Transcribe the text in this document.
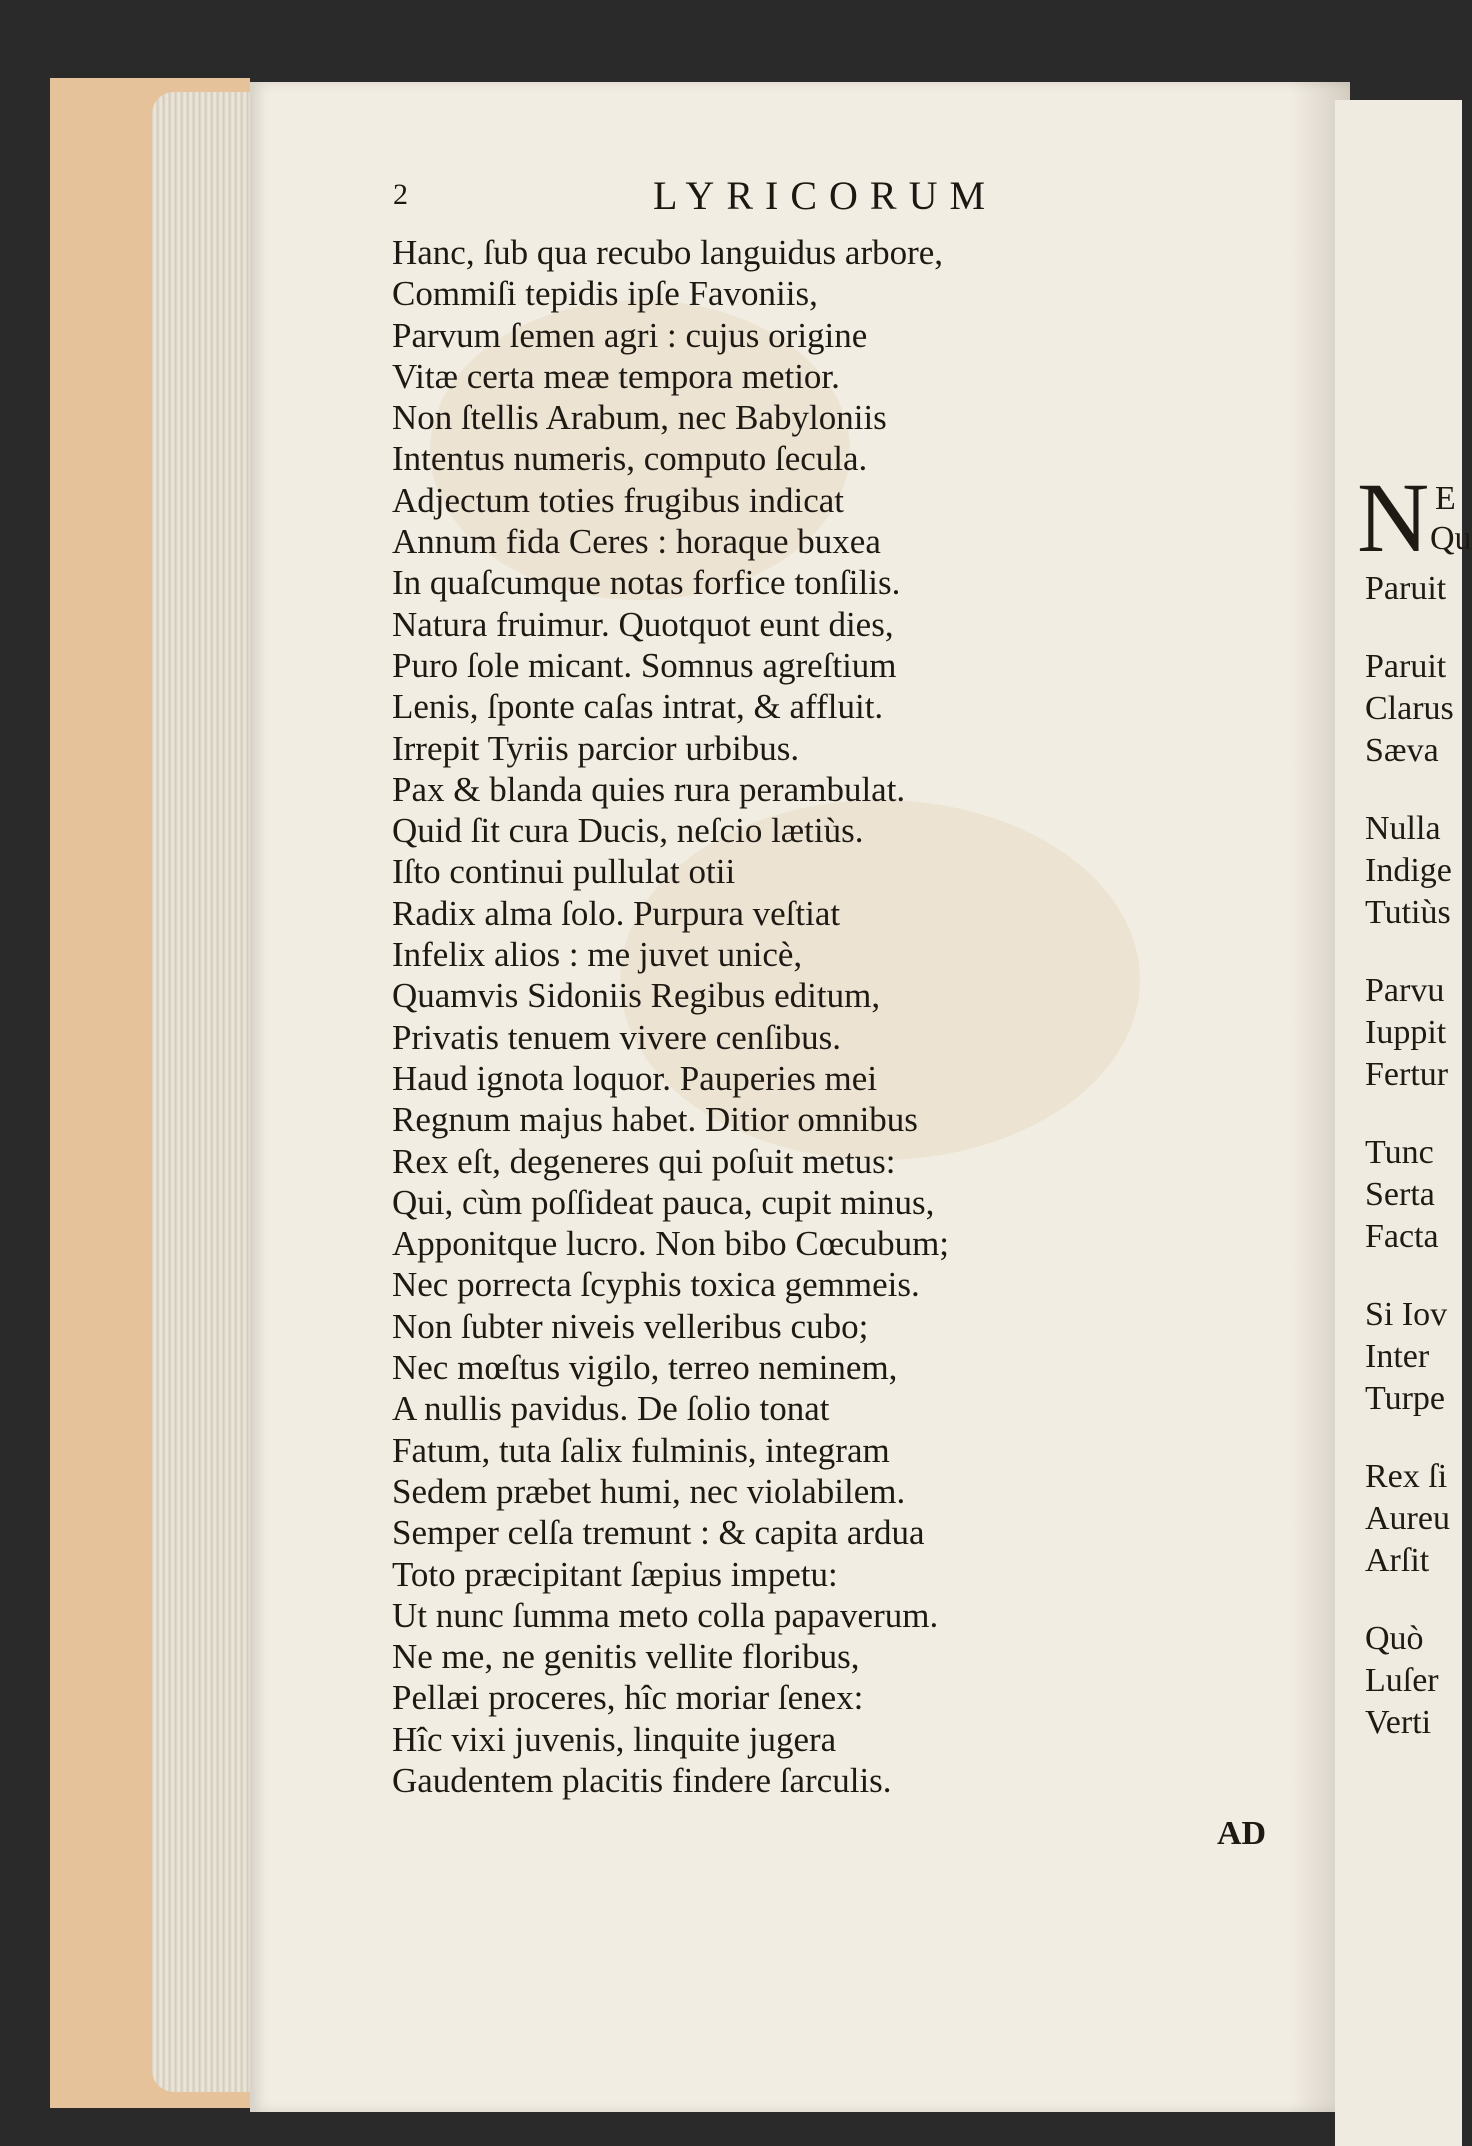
2	LYRICORUM
Hanc, ſub qua recubo languidus arbore,
Commiſi tepidis ipſe Favoniis,
Parvum ſemen agri : cujus origine
Vitæ certa meæ tempora metior.
Non ſtellis Arabum, nec Babyloniis
Intentus numeris, computo ſecula.
Adjectum toties frugibus indicat
Annum fida Ceres : horaque buxea
In quaſcumque notas forfice tonſilis.
Natura fruimur. Quotquot eunt dies,
Puro ſole micant. Somnus agreſtium
Lenis, ſponte caſas intrat, & affluit.
Irrepit Tyriis parcior urbibus.
Pax & blanda quies rura perambulat.
Quid ſit cura Ducis, neſcio lætiùs.
Iſto continui pullulat otii
Radix alma ſolo. Purpura veſtiat
Infelix alios : me juvet unicè,
Quamvis Sidoniis Regibus editum,
Privatis tenuem vivere cenſibus.
Haud ignota loquor. Pauperies mei
Regnum majus habet. Ditior omnibus
Rex eſt, degeneres qui poſuit metus:
Qui, cùm poſſideat pauca, cupit minus,
Apponitque lucro. Non bibo Cœcubum;
Nec porrecta ſcyphis toxica gemmeis.
Non ſubter niveis velleribus cubo;
Nec mœſtus vigilo, terreo neminem,
A nullis pavidus. De ſolio tonat
Fatum, tuta ſalix fulminis, integram
Sedem præbet humi, nec violabilem.
Semper celſa tremunt : & capita ardua
Toto præcipitant ſæpius impetu:
Ut nunc ſumma meto colla papaverum.
Ne me, ne genitis vellite floribus,
Pellæi proceres, hîc moriar ſenex:
Hîc vixi juvenis, linquite jugera
Gaudentem placitis findere ſarculis.
AD
N E
Qu
Paruit
Paruit
Clarus
Sæva
Nulla
Indige
Tutiùs
Parvu
Iuppit
Fertur
Tunc
Serta
Facta
Si Iov
Inter
Turpe
Rex ſi
Aureu
Arſit
Quò
Luſer
Verti
